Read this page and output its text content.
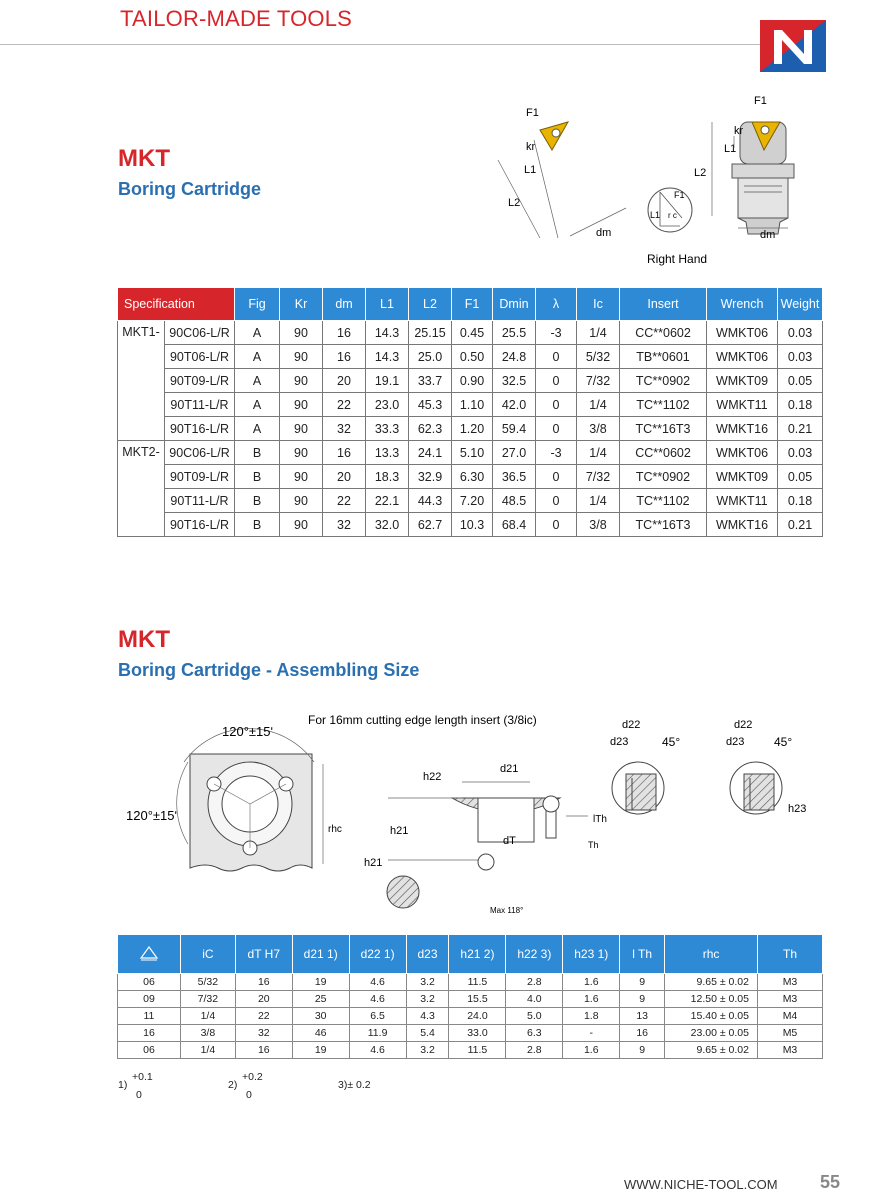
TAILOR-MADE TOOLS
MKT
Boring Cartridge
F1
kr
L1
L2
dm
F1
kr
L1
L2
dm
F1
L1 r c
Right Hand
Specification		Fig	Kr	dm	L1	L2	F1	Dmin	λ	Ic	Insert	Wrench	Weight
MKT1-	90C06-L/R	A	90	16	14.3	25.15	0.45	25.5	-3	1/4	CC**0602	WMKT06	0.03
	90T06-L/R	A	90	16	14.3	25.0	0.50	24.8	0	5/32	TB**0601	WMKT06	0.03
	90T09-L/R	A	90	20	19.1	33.7	0.90	32.5	0	7/32	TC**0902	WMKT09	0.05
	90T11-L/R	A	90	22	23.0	45.3	1.10	42.0	0	1/4	TC**1102	WMKT11	0.18
	90T16-L/R	A	90	32	33.3	62.3	1.20	59.4	0	3/8	TC**16T3	WMKT16	0.21
MKT2-	90C06-L/R	B	90	16	13.3	24.1	5.10	27.0	-3	1/4	CC**0602	WMKT06	0.03
	90T09-L/R	B	90	20	18.3	32.9	6.30	36.5	0	7/32	TC**0902	WMKT09	0.05
	90T11-L/R	B	90	22	22.1	44.3	7.20	48.5	0	1/4	TC**1102	WMKT11	0.18
	90T16-L/R	B	90	32	32.0	62.7	10.3	68.4	0	3/8	TC**16T3	WMKT16	0.21
MKT
Boring Cartridge - Assembling Size
For 16mm cutting edge length insert (3/8ic)
120°±15ʹ
120°±15ʹ
rhc
h22
d21
h21
h21
dT
lTh
Th
Max 118°
d22
d23	45°
d22
d23 45°
h23
	iC	dT H7	d21 1)	d22 1)	d23	h21 2)	h22 3)	h23 1)	l Th	rhc	Th
06	5/32	16	19	4.6	3.2	11.5	2.8	1.6	9	9.65 ± 0.02	M3
09	7/32	20	25	4.6	3.2	15.5	4.0	1.6	9	12.50 ± 0.05	M3
11	1/4	22	30	6.5	4.3	24.0	5.0	1.8	13	15.40 ± 0.05	M4
16	3/8	32	46	11.9	5.4	33.0	6.3	-	16	23.00 ± 0.05	M5
06	1/4	16	19	4.6	3.2	11.5	2.8	1.6	9	9.65 ± 0.02	M3
1)
+0.1
0
2)
+0.2
0
3)± 0.2
WWW.NICHE-TOOL.COM 55
